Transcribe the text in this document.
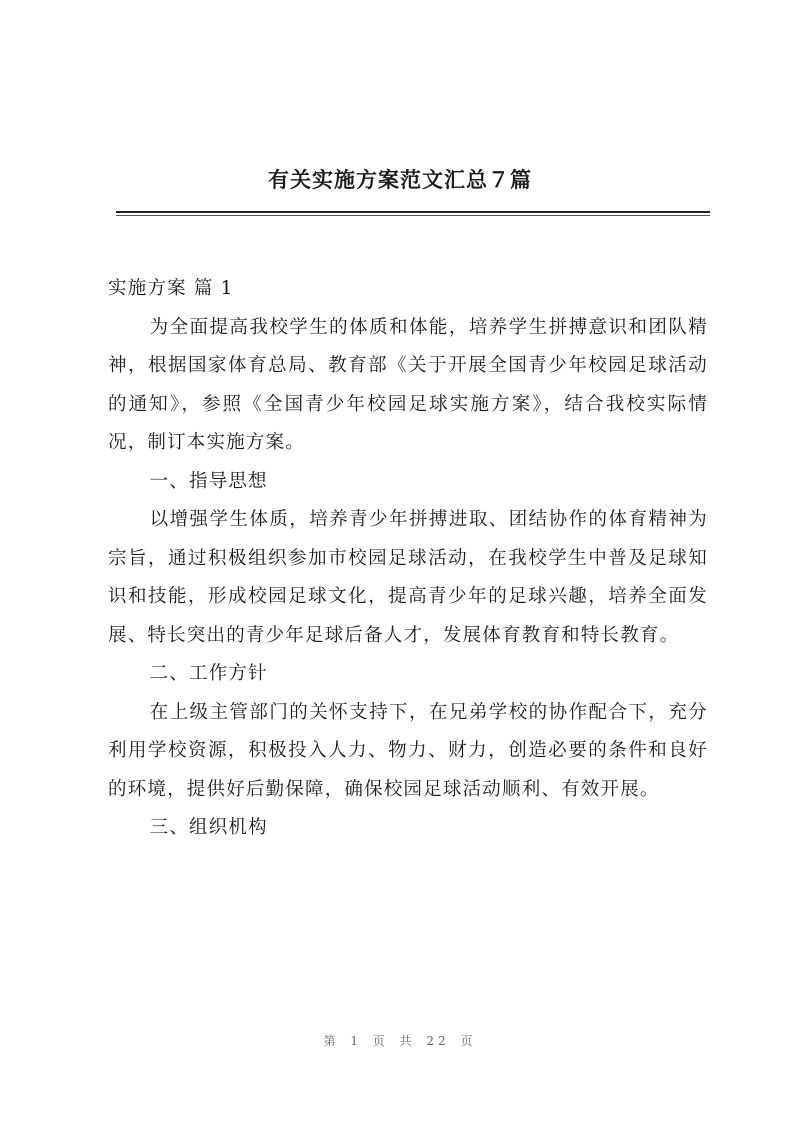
有关实施方案范文汇总７篇

实施方案 篇 1

为全面提高我校学生的体质和体能，培养学生拼搏意识和团队精神，根据国家体育总局、教育部《关于开展全国青少年校园足球活动的通知》，参照《全国青少年校园足球实施方案》，结合我校实际情况，制订本实施方案。

一、指导思想

以增强学生体质，培养青少年拼搏进取、团结协作的体育精神为宗旨，通过积极组织参加市校园足球活动，在我校学生中普及足球知识和技能，形成校园足球文化，提高青少年的足球兴趣，培养全面发展、特长突出的青少年足球后备人才，发展体育教育和特长教育。

二、工作方针

在上级主管部门的关怀支持下，在兄弟学校的协作配合下，充分利用学校资源，积极投入人力、物力、财力，创造必要的条件和良好的环境，提供好后勤保障，确保校园足球活动顺利、有效开展。

三、组织机构

第 1 页 共 22 页
